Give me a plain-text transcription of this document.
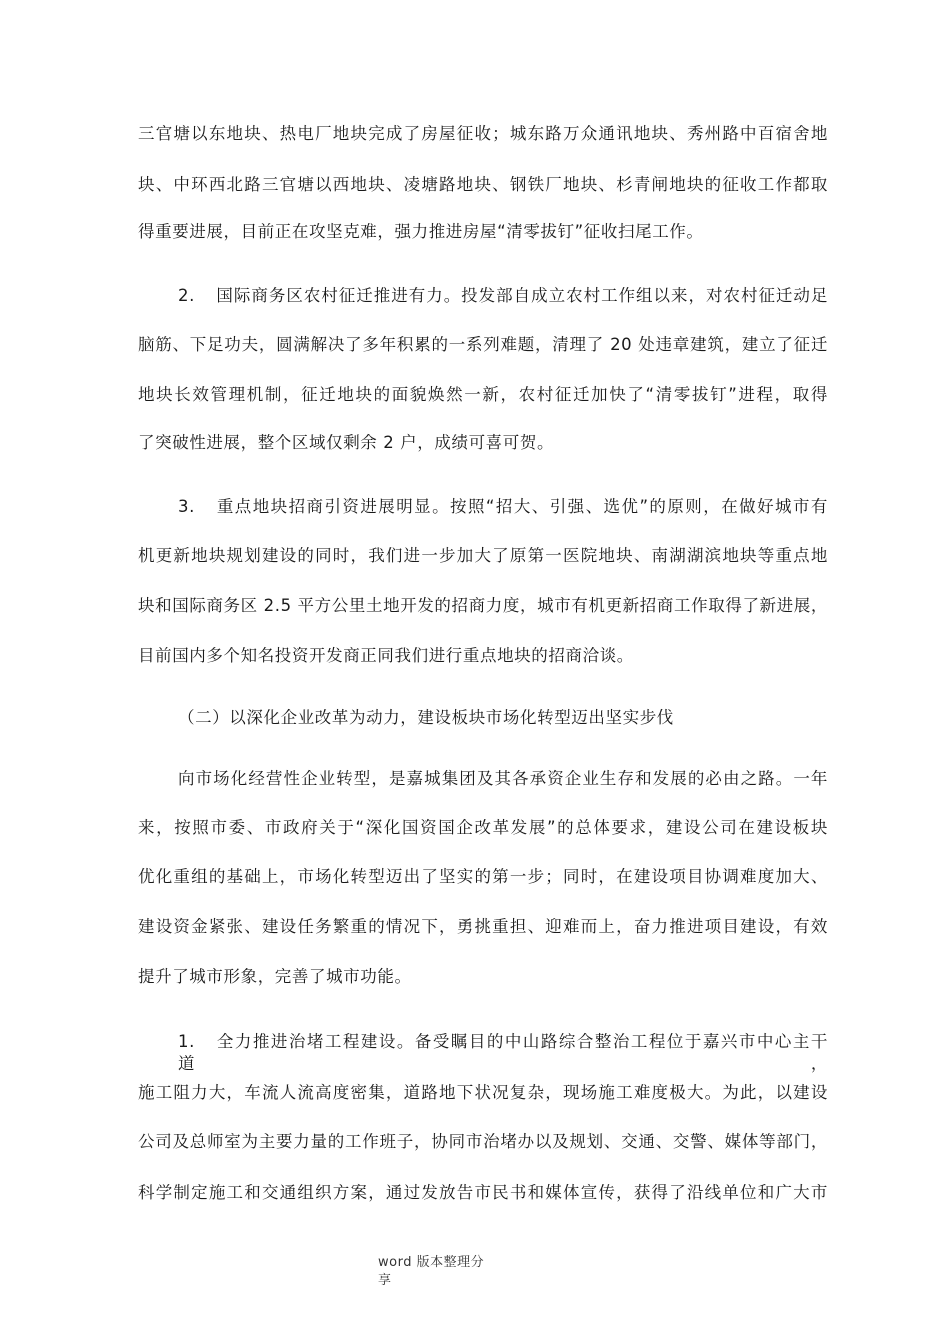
三官塘以东地块、热电厂地块完成了房屋征收；城东路万众通讯地块、秀州路中百宿舍地
块、中环西北路三官塘以西地块、凌塘路地块、钢铁厂地块、杉青闸地块的征收工作都取
得重要进展，目前正在攻坚克难，强力推进房屋“清零拔钉”征收扫尾工作。
2. 国际商务区农村征迁推进有力。投发部自成立农村工作组以来，对农村征迁动足
脑筋、下足功夫，圆满解决了多年积累的一系列难题，清理了 20 处违章建筑，建立了征迁
地块长效管理机制，征迁地块的面貌焕然一新，农村征迁加快了“清零拔钉”进程，取得
了突破性进展，整个区域仅剩余 2 户，成绩可喜可贺。
3. 重点地块招商引资进展明显。按照“招大、引强、选优”的原则，在做好城市有
机更新地块规划建设的同时，我们进一步加大了原第一医院地块、南湖湖滨地块等重点地
块和国际商务区 2.5 平方公里土地开发的招商力度，城市有机更新招商工作取得了新进展，
目前国内多个知名投资开发商正同我们进行重点地块的招商洽谈。
（二）以深化企业改革为动力，建设板块市场化转型迈出坚实步伐
向市场化经营性企业转型，是嘉城集团及其各承资企业生存和发展的必由之路。一年
来，按照市委、市政府关于“深化国资国企改革发展”的总体要求，建设公司在建设板块
优化重组的基础上，市场化转型迈出了坚实的第一步；同时，在建设项目协调难度加大、
建设资金紧张、建设任务繁重的情况下，勇挑重担、迎难而上，奋力推进项目建设，有效
提升了城市形象，完善了城市功能。
1. 全力推进治堵工程建设。备受瞩目的中山路综合整治工程位于嘉兴市中心主干道，
施工阻力大，车流人流高度密集，道路地下状况复杂，现场施工难度极大。为此，以建设
公司及总师室为主要力量的工作班子，协同市治堵办以及规划、交通、交警、媒体等部门，
科学制定施工和交通组织方案，通过发放告市民书和媒体宣传，获得了沿线单位和广大市
word 版本整理分
享
